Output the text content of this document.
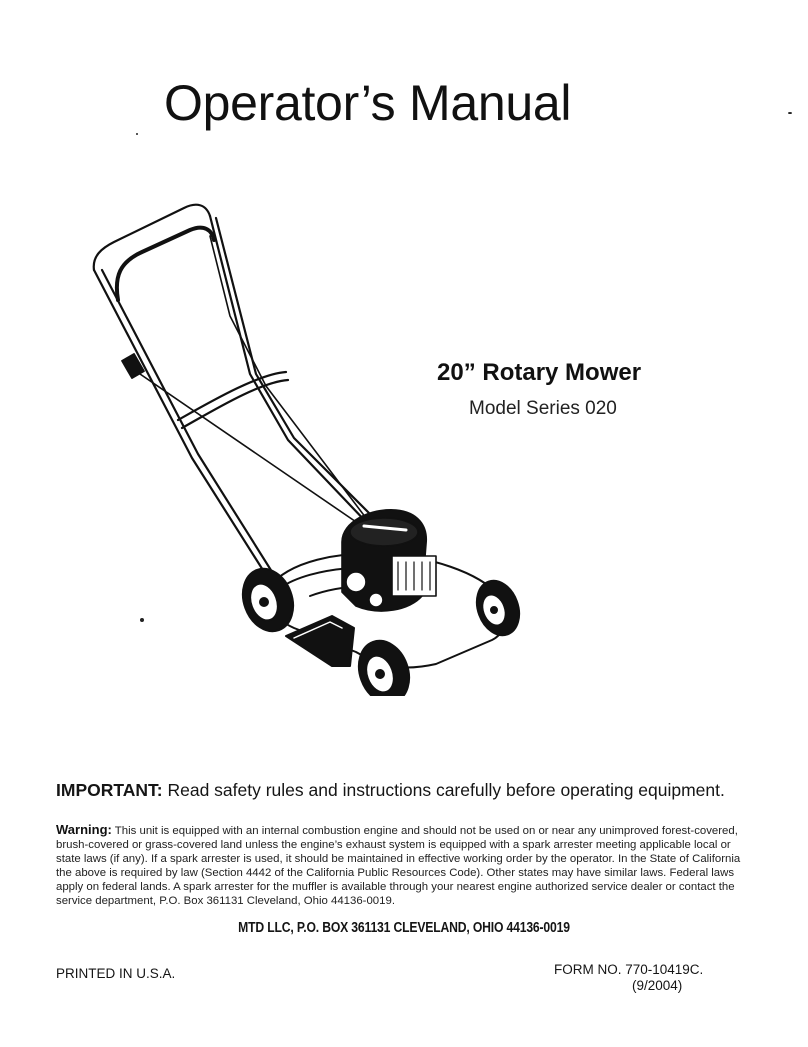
Operator’s Manual
20” Rotary Mower
Model Series 020
IMPORTANT: Read safety rules and instructions carefully before operating equipment.
Warning: This unit is equipped with an internal combustion engine and should not be used on or near any unimproved forest-covered, brush-covered or grass-covered land unless the engine’s exhaust system is equipped with a spark arrester meeting applicable local or state laws (if any). If a spark arrester is used, it should be maintained in effective working order by the operator. In the State of California the above is required by law (Section 4442 of the California Public Resources Code). Other states may have similar laws. Federal laws apply on federal lands. A spark arrester for the muffler is available through your nearest engine authorized service dealer or contact the service department, P.O. Box 361131 Cleveland, Ohio 44136-0019.
MTD LLC, P.O. BOX 361131 CLEVELAND, OHIO 44136-0019
PRINTED IN U.S.A.	FORM NO. 770-10419C.
(9/2004)
